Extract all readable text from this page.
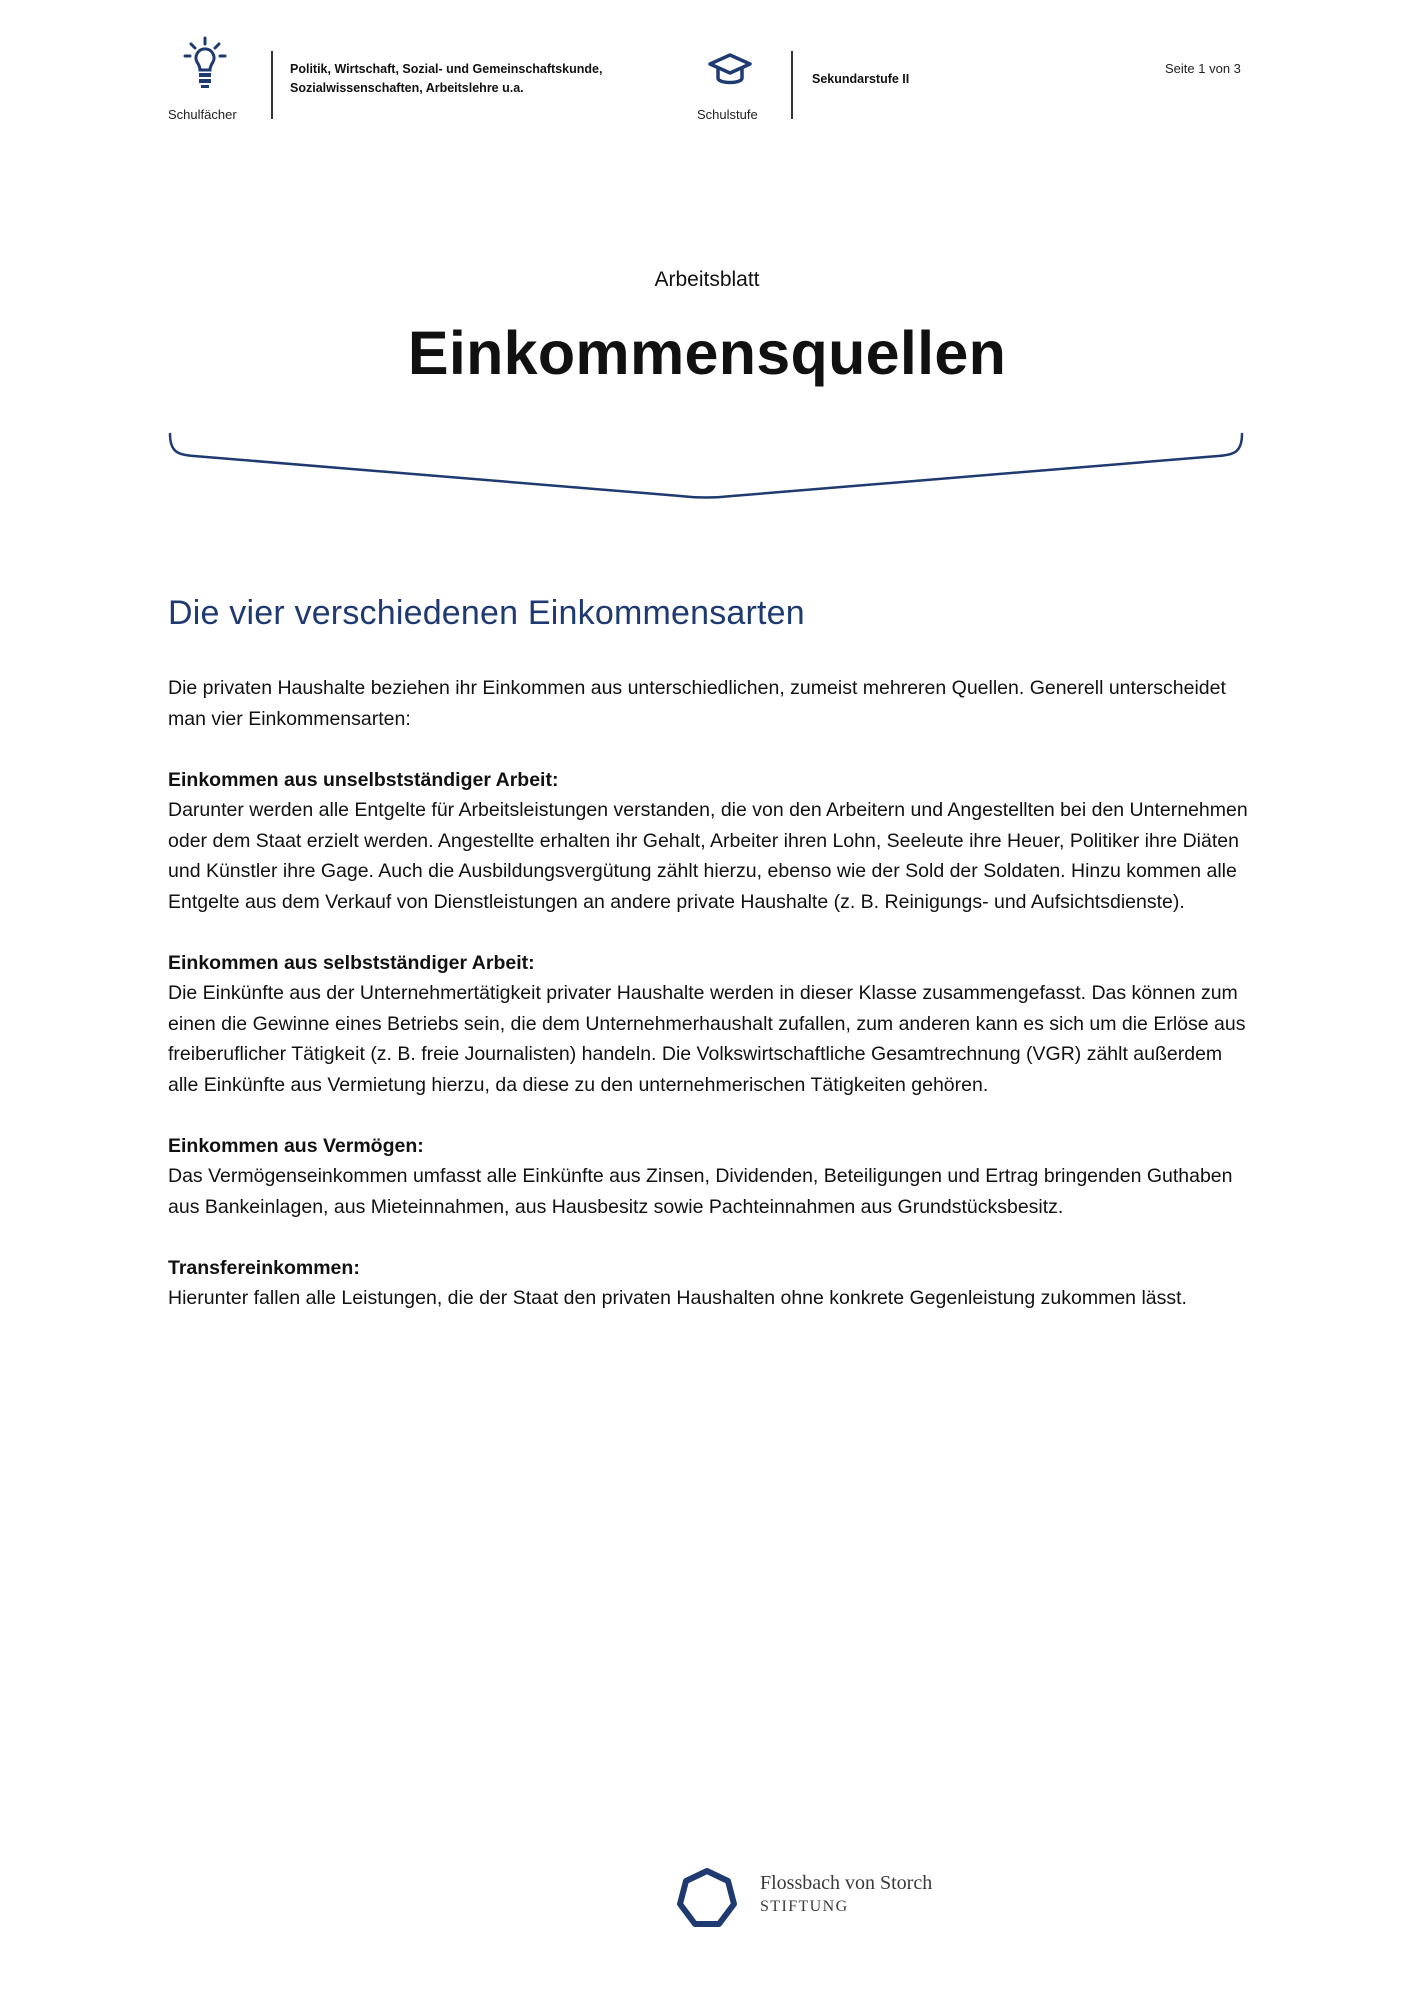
Schulfächer
Politik, Wirtschaft, Sozial- und Gemeinschaftskunde,
Sozialwissenschaften, Arbeitslehre u.a.
Schulstufe
Sekundarstufe II
Seite 1 von 3
Arbeitsblatt
Einkommensquellen
Die vier verschiedenen Einkommensarten

Die privaten Haushalte beziehen ihr Einkommen aus unterschiedlichen, zumeist mehreren Quellen. Generell unterscheidet man vier Einkommensarten:

Einkommen aus unselbstständiger Arbeit:
Darunter werden alle Entgelte für Arbeitsleistungen verstanden, die von den Arbeitern und Angestellten bei den Unternehmen oder dem Staat erzielt werden. Angestellte erhalten ihr Gehalt, Arbeiter ihren Lohn, Seeleute ihre Heuer, Politiker ihre Diäten und Künstler ihre Gage. Auch die Ausbildungsvergütung zählt hierzu, ebenso wie der Sold der Soldaten. Hinzu kommen alle Entgelte aus dem Verkauf von Dienstleistungen an andere private Haushalte (z. B. Reinigungs- und Aufsichtsdienste).

Einkommen aus selbstständiger Arbeit:
Die Einkünfte aus der Unternehmertätigkeit privater Haushalte werden in dieser Klasse zusammengefasst. Das können zum einen die Gewinne eines Betriebs sein, die dem Unternehmerhaushalt zufallen, zum anderen kann es sich um die Erlöse aus freiberuflicher Tätigkeit (z. B. freie Journalisten) handeln. Die Volkswirtschaftliche Gesamtrechnung (VGR) zählt außerdem alle Einkünfte aus Vermietung hierzu, da diese zu den unternehmerischen Tätigkeiten gehören.

Einkommen aus Vermögen:
Das Vermögenseinkommen umfasst alle Einkünfte aus Zinsen, Dividenden, Beteiligungen und Ertrag bringenden Guthaben aus Bankeinlagen, aus Mieteinnahmen, aus Hausbesitz sowie Pachteinnahmen aus Grundstücksbesitz.

Transfereinkommen:
Hierunter fallen alle Leistungen, die der Staat den privaten Haushalten ohne konkrete Gegenleistung zukommen lässt.

Flossbach von Storch
STIFTUNG
